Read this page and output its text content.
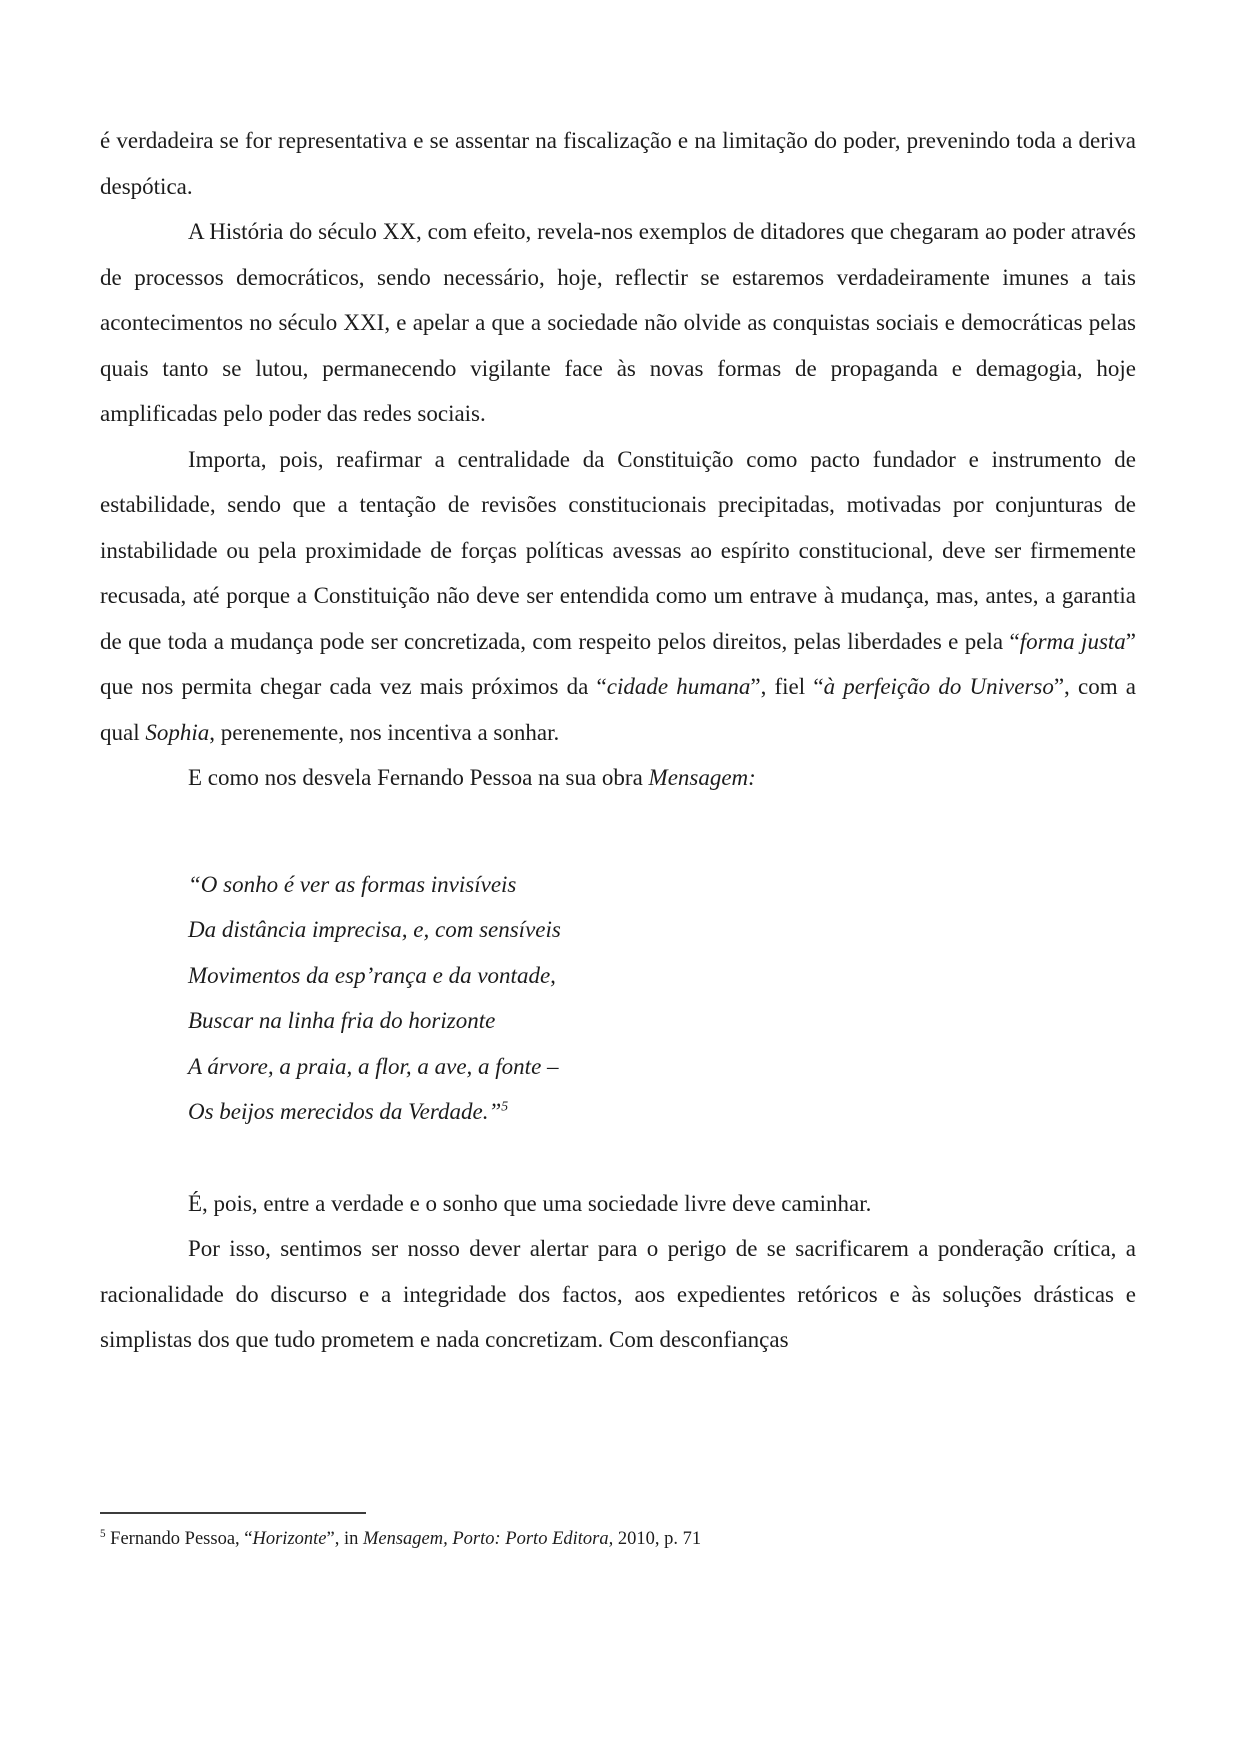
é verdadeira se for representativa e se assentar na fiscalização e na limitação do poder, prevenindo toda a deriva despótica.

A História do século XX, com efeito, revela-nos exemplos de ditadores que chegaram ao poder através de processos democráticos, sendo necessário, hoje, reflectir se estaremos verdadeiramente imunes a tais acontecimentos no século XXI, e apelar a que a sociedade não olvide as conquistas sociais e democráticas pelas quais tanto se lutou, permanecendo vigilante face às novas formas de propaganda e demagogia, hoje amplificadas pelo poder das redes sociais.

Importa, pois, reafirmar a centralidade da Constituição como pacto fundador e instrumento de estabilidade, sendo que a tentação de revisões constitucionais precipitadas, motivadas por conjunturas de instabilidade ou pela proximidade de forças políticas avessas ao espírito constitucional, deve ser firmemente recusada, até porque a Constituição não deve ser entendida como um entrave à mudança, mas, antes, a garantia de que toda a mudança pode ser concretizada, com respeito pelos direitos, pelas liberdades e pela “forma justa” que nos permita chegar cada vez mais próximos da “cidade humana”, fiel “à perfeição do Universo”, com a qual Sophia, perenemente, nos incentiva a sonhar.

E como nos desvela Fernando Pessoa na sua obra Mensagem:

“O sonho é ver as formas invisíveis
Da distância imprecisa, e, com sensíveis
Movimentos da esp’rança e da vontade,
Buscar na linha fria do horizonte
A árvore, a praia, a flor, a ave, a fonte –
Os beijos merecidos da Verdade.”$^5$

É, pois, entre a verdade e o sonho que uma sociedade livre deve caminhar.

Por isso, sentimos ser nosso dever alertar para o perigo de se sacrificarem a ponderação crítica, a racionalidade do discurso e a integridade dos factos, aos expedientes retóricos e às soluções drásticas e simplistas dos que tudo prometem e nada concretizam. Com desconfianças

$^5$ Fernando Pessoa, “Horizonte”, in Mensagem, Porto: Porto Editora, 2010, p. 71
